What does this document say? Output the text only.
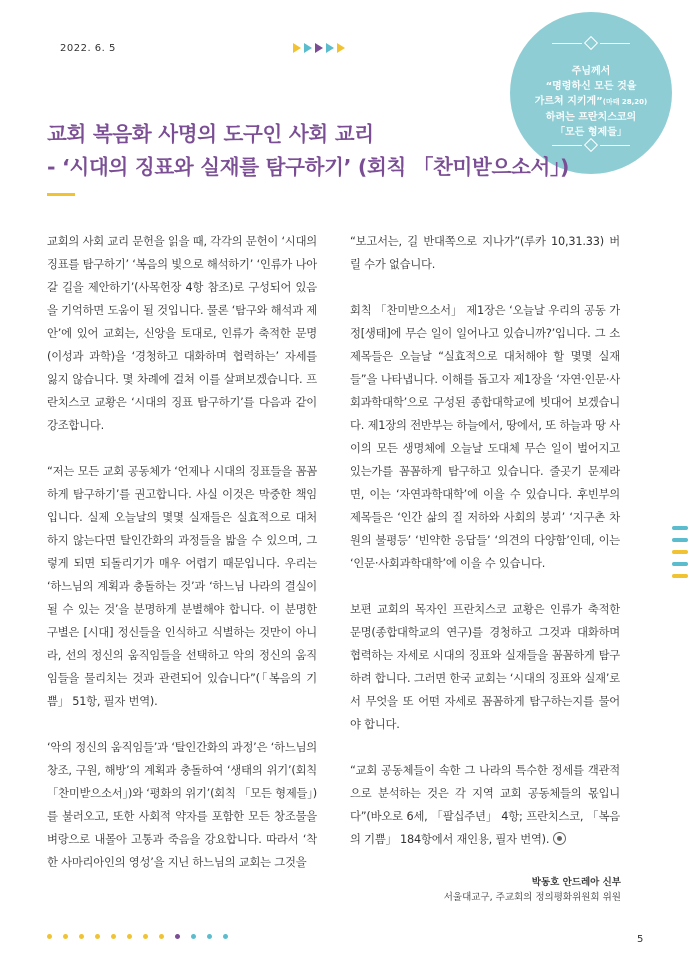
2022. 6. 5
주님께서
“명령하신 모든 것을
가르쳐 지키게”(마태 28,20)
하려는 프란치스코의
「모든 형제들」
교회 복음화 사명의 도구인 사회 교리
- ‘시대의 징표와 실재를 탐구하기’ (회칙 「찬미받으소서」)

교회의 사회 교리 문헌을 읽을 때, 각각의 문헌이 ‘시대의 징표를 탐구하기’ ‘복음의 빛으로 해석하기’ ‘인류가 나아갈 길을 제안하기’(사목헌장 4항 참조)로 구성되어 있음을 기억하면 도움이 될 것입니다. 물론 ‘탐구와 해석과 제안’에 있어 교회는, 신앙을 토대로, 인류가 축적한 문명(이성과 과학)을 ‘경청하고 대화하며 협력하는’ 자세를 잃지 않습니다. 몇 차례에 걸쳐 이를 살펴보겠습니다. 프란치스코 교황은 ‘시대의 징표 탐구하기’를 다음과 같이 강조합니다.

“저는 모든 교회 공동체가 ‘언제나 시대의 징표들을 꼼꼼하게 탐구하기’를 권고합니다. 사실 이것은 막중한 책임입니다. 실제 오늘날의 몇몇 실재들은 실효적으로 대처하지 않는다면 탈인간화의 과정들을 밟을 수 있으며, 그렇게 되면 되돌리기가 매우 어렵기 때문입니다. 우리는 ‘하느님의 계획과 충돌하는 것’과 ‘하느님 나라의 결실이 될 수 있는 것’을 분명하게 분별해야 합니다. 이 분명한 구별은 [시대] 정신들을 인식하고 식별하는 것만이 아니라, 선의 정신의 움직임들을 선택하고 악의 정신의 움직임들을 물리치는 것과 관련되어 있습니다”(「복음의 기쁨」 51항, 필자 번역).

‘악의 정신의 움직임들’과 ‘탈인간화의 과정’은 ‘하느님의 창조, 구원, 해방’의 계획과 충돌하여 ‘생태의 위기’(회칙 「찬미받으소서」)와 ‘평화의 위기’(회칙 「모든 형제들」)를 불러오고, 또한 사회적 약자를 포함한 모든 창조물을 벼랑으로 내몰아 고통과 죽음을 강요합니다. 따라서 ‘착한 사마리아인의 영성’을 지닌 하느님의 교회는 그것을

“보고서는, 길 반대쪽으로 지나가”(루카 10,31.33) 버릴 수가 없습니다.

회칙 「찬미받으소서」 제1장은 ‘오늘날 우리의 공동 가정[생태]에 무슨 일이 일어나고 있습니까?’입니다. 그 소제목들은 오늘날 “실효적으로 대처해야 할 몇몇 실재들”을 나타냅니다. 이해를 돕고자 제1장을 ‘자연·인문·사회과학대학’으로 구성된 종합대학교에 빗대어 보겠습니다. 제1장의 전반부는 하늘에서, 땅에서, 또 하늘과 땅 사이의 모든 생명체에 오늘날 도대체 무슨 일이 벌어지고 있는가를 꼼꼼하게 탐구하고 있습니다. 줄곳기 문제라면, 이는 ‘자연과학대학’에 이을 수 있습니다. 후빈부의 제목들은 ‘인간 삶의 질 저하와 사회의 붕괴’ ‘지구촌 차원의 불평등’ ‘빈약한 응답들’ ‘의견의 다양함’인데, 이는 ‘인문·사회과학대학’에 이을 수 있습니다.

보편 교회의 목자인 프란치스코 교황은 인류가 축적한 문명(종합대학교의 연구)를 경청하고 그것과 대화하며 협력하는 자세로 시대의 징표와 실재들을 꼼꼼하게 탐구하려 합니다. 그러면 한국 교회는 ‘시대의 징표와 실재’로서 무엇을 또 어떤 자세로 꼼꼼하게 탐구하는지를 물어야 합니다.

“교회 공동체들이 속한 그 나라의 특수한 정세를 객관적으로 분석하는 것은 각 지역 교회 공동체들의 몫입니다”(바오로 6세, 「팔십주년」 4항; 프란치스코, 「복음의 기쁨」 184항에서 재인용, 필자 번역).

박동호 안드레아 신부
서울대교구, 주교회의 정의평화위원회 위원
5
